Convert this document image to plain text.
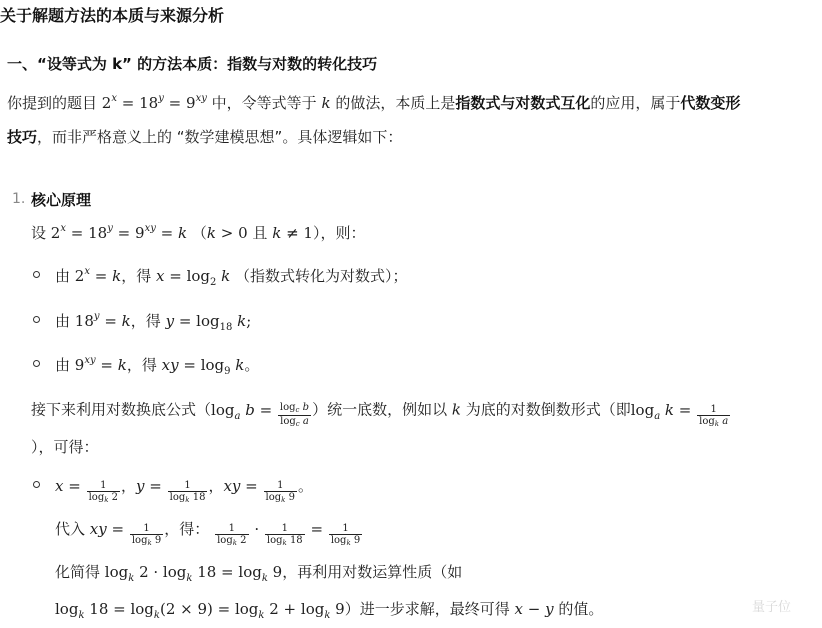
关于解题方法的本质与来源分析
一、“设等式为 k” 的方法本质：指数与对数的转化技巧
你提到的题目 $2^x = 18^y = 9^{xy}$ 中，令等式等于 k 的做法，本质上是指数式与对数式互化的应用，属于代数变形
技巧，而非严格意义上的 “数学建模思想”。具体逻辑如下：
1. 核心原理
设 $2^x = 18^y = 9^{xy} = k$ （k > 0 且 k ≠ 1），则：
由 $2^x = k$，得 $x = \log_2 k$ （指数式转化为对数式）；
由 $18^y = k$，得 $y = \log_{18} k$;
由 $9^{xy} = k$，得 xy = $\log_9 k$。
接下来利用对数换底公式（$\log_a$ $b = \frac{\log_c b}{\log_c a}$ ）统一底数，例如以 k 为底的对数倒数形式（即$\log_a k = \frac{1}{\log_k a}$
），可得：
$x = \frac{1}{\log_k 2}$ ，$y = \frac{1}{\log_k 18}$ ，xy = $\frac{1}{\log_k 9}$ 。
代入 xy = $\frac{1}{\log_k 9}$ ，得： $\frac{1}{\log_k 2} \cdot \frac{1}{\log_k 18} = \frac{1}{\log_k 9}$
化简得 $\log_k 2 \cdot \log_k 18 = \log_k 9$，再利用对数运算性质（如
$\log_k 18 = \log_k(2 \times 9) = \log_k 2 + \log_k 9$）进一步求解，最终可得 x − y 的值。	量子位
